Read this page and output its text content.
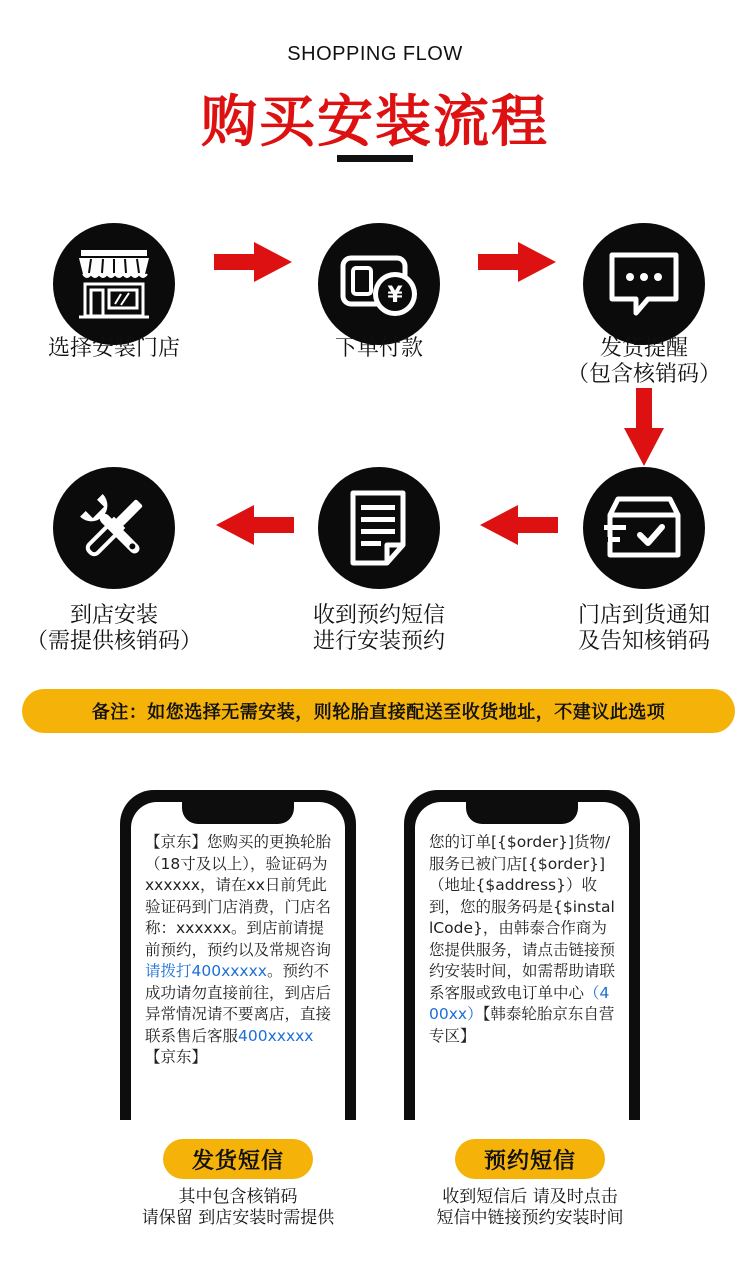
SHOPPING FLOW
购买安装流程
¥
选择安装门店	下单付款	发货提醒
（包含核销码）
到店安装
（需提供核销码）
收到预约短信
进行安装预约
门店到货通知
及告知核销码
备注：如您选择无需安装，则轮胎直接配送至收货地址，不建议此选项
【京东】您购买的更换轮胎（18寸及以上），验证码为xxxxxx，请在xx日前凭此验证码到门店消费，门店名称：xxxxxx。到店前请提前预约，预约以及常规咨询请拨打400xxxxx。预约不成功请勿直接前往，到店后异常情况请不要离店，直接联系售后客服400xxxxx
【京东】
您的订单[{$order}]货物/服务已被门店[{$order}]（地址{$address}）收到，您的服务码是{$installCode}，由韩泰合作商为您提供服务，请点击链接预约安装时间，如需帮助请联系客服或致电订单中心（400xx）【韩泰轮胎京东自营专区】
发货短信	预约短信
其中包含核销码
请保留 到店安装时需提供
收到短信后 请及时点击
短信中链接预约安装时间
